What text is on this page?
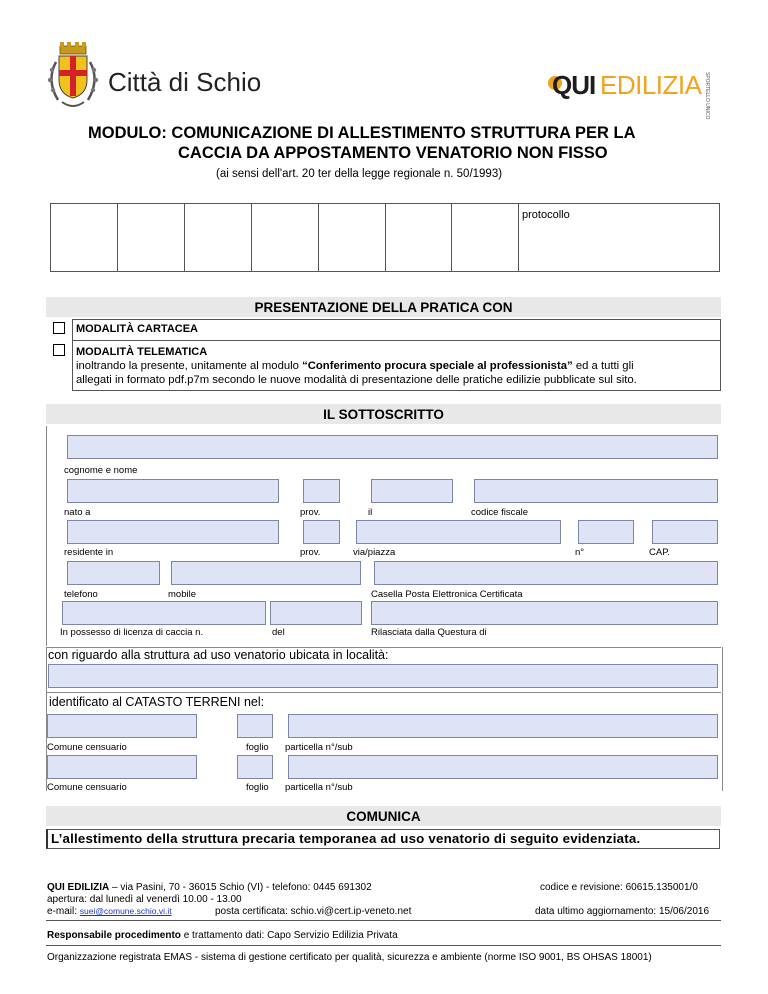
Città di Schio	QUI EDILIZIA SPORTELLO UNICO
MODULO: COMUNICAZIONE DI ALLESTIMENTO STRUTTURA PER LA
CACCIA DA APPOSTAMENTO VENATORIO NON FISSO
(ai sensi dell'art. 20 ter della legge regionale n. 50/1993)
protocollo
PRESENTAZIONE DELLA PRATICA CON
MODALITÀ CARTACEA
MODALITÀ TELEMATICA
inoltrando la presente, unitamente al modulo “Conferimento procura speciale al professionista” ed a tutti gli
allegati in formato pdf.p7m secondo le nuove modalità di presentazione delle pratiche edilizie pubblicate sul sito.
IL SOTTOSCRITTO
cognome e nome
nato a	prov.	il	codice fiscale
residente in	prov.	via/piazza	n°	CAP.
telefono	mobile	Casella Posta Elettronica Certificata
In possesso di licenza di caccia n.	del	Rilasciata dalla Questura di
con riguardo alla struttura ad uso venatorio ubicata in località:
identificato al CATASTO TERRENI nel:
Comune censuario	foglio particella n°/sub
Comune censuario	foglio particella n°/sub
COMUNICA
L’allestimento della struttura precaria temporanea ad uso venatorio di seguito evidenziata.
QUI EDILIZIA – via Pasini, 70 - 36015 Schio (VI) - telefono: 0445 691302	codice e revisione: 60615.135001/0
apertura: dal lunedì al venerdì 10.00 - 13.00
e-mail: suei@comune.schio.vi.it	posta certificata: schio.vi@cert.ip-veneto.net	data ultimo aggiornamento: 15/06/2016
Responsabile procedimento e trattamento dati: Capo Servizio Edilizia Privata
Organizzazione registrata EMAS - sistema di gestione certificato per qualità, sicurezza e ambiente (norme ISO 9001, BS OHSAS 18001)
